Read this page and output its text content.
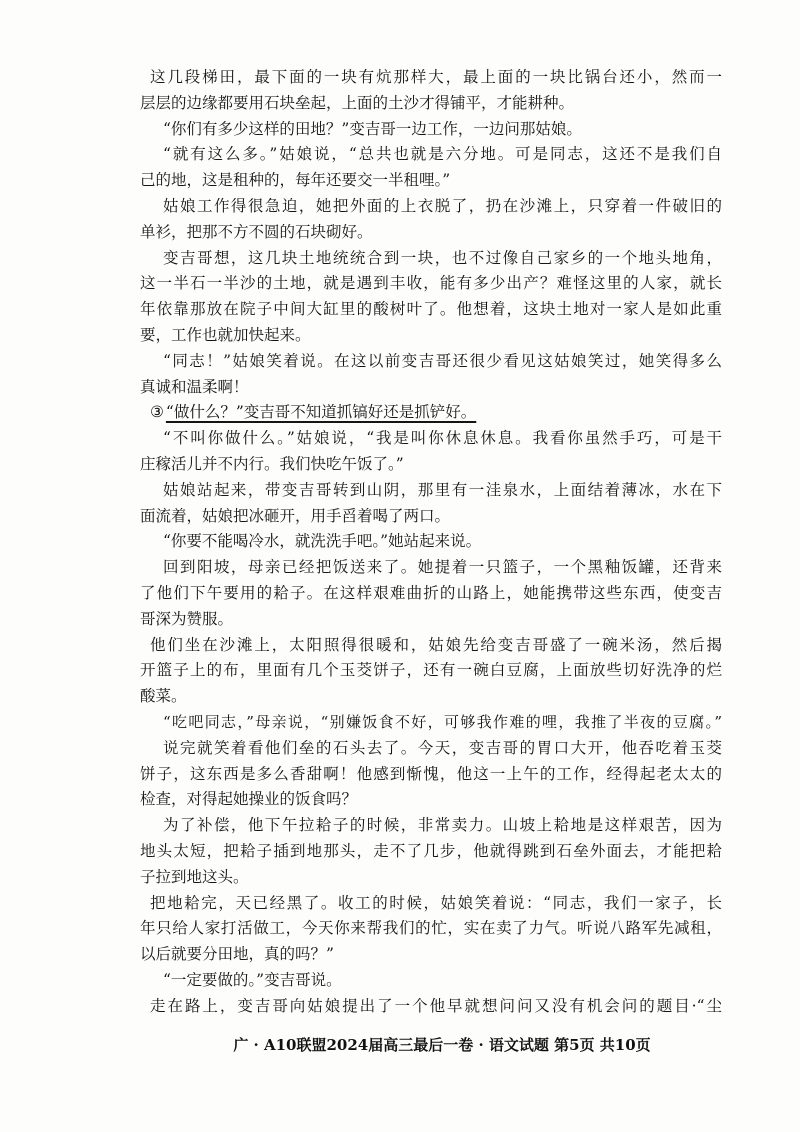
这几段梯田，最下面的一块有炕那样大，最上面的一块比锅台还小，然而一
层层的边缘都要用石块垒起，上面的土沙才得铺平，才能耕种。
“你们有多少这样的田地？”变吉哥一边工作，一边问那姑娘。
“就有这么多。”姑娘说，“总共也就是六分地。可是同志，这还不是我们自
己的地，这是租种的，每年还要交一半租哩。”
姑娘工作得很急迫，她把外面的上衣脱了，扔在沙滩上，只穿着一件破旧的
单衫，把那不方不圆的石块砌好。
变吉哥想，这几块土地统统合到一块，也不过像自己家乡的一个地头地角，
这一半石一半沙的土地，就是遇到丰收，能有多少出产？难怪这里的人家，就长
年依靠那放在院子中间大缸里的酸树叶了。他想着，这块土地对一家人是如此重
要，工作也就加快起来。
“同志！”姑娘笑着说。在这以前变吉哥还很少看见这姑娘笑过，她笑得多么
真诚和温柔啊！
③ “做什么？”变吉哥不知道抓镐好还是抓铲好。
“不叫你做什么。”姑娘说，“我是叫你休息休息。我看你虽然手巧，可是干
庄稼活儿并不内行。我们快吃午饭了。”
姑娘站起来，带变吉哥转到山阴，那里有一洼泉水，上面结着薄冰，水在下
面流着，姑娘把冰砸开，用手舀着喝了两口。
“你要不能喝冷水，就洗洗手吧。”她站起来说。
回到阳坡，母亲已经把饭送来了。她提着一只篮子，一个黑釉饭罐，还背来
了他们下午要用的耠子。在这样艰难曲折的山路上，她能携带这些东西，使变吉
哥深为赞服。
他们坐在沙滩上，太阳照得很暖和，姑娘先给变吉哥盛了一碗米汤，然后揭
开篮子上的布，里面有几个玉茭饼子，还有一碗白豆腐，上面放些切好洗净的烂
酸菜。
“吃吧同志，”母亲说，“别嫌饭食不好，可够我作难的哩，我推了半夜的豆腐。”
说完就笑着看他们垒的石头去了。今天，变吉哥的胃口大开，他吞吃着玉茭
饼子，这东西是多么香甜啊！他感到惭愧，他这一上午的工作，经得起老太太的
检查，对得起她操业的饭食吗？
为了补偿，他下午拉耠子的时候，非常卖力。山坡上耠地是这样艰苦，因为
地头太短，把耠子插到地那头，走不了几步，他就得跳到石垒外面去，才能把耠
子拉到地这头。
把地耠完，天已经黑了。收工的时候，姑娘笑着说：“同志，我们一家子，长
年只给人家打活做工，今天你来帮我们的忙，实在卖了力气。听说八路军先减租，
以后就要分田地，真的吗？”
“一定要做的。”变吉哥说。
走在路上，变吉哥向姑娘提出了一个他早就想问问又没有机会问的题目·“尘
广 · A10联盟2024届高三最后一卷 · 语文试题 第5页 共10页
